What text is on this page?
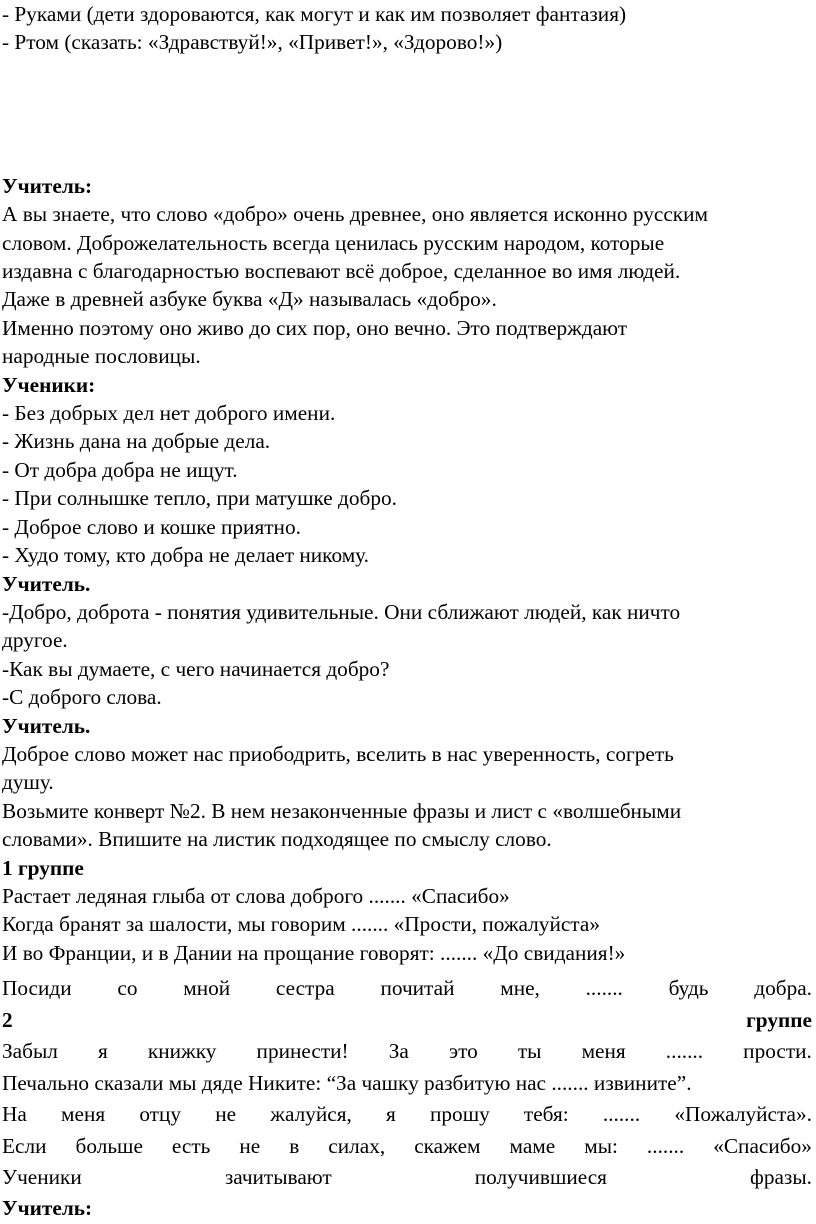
- Руками (дети здороваются, как могут и как им позволяет фантазия)
- Ртом (сказать: «Здравствуй!», «Привет!», «Здорово!»)
Учитель:
А вы знаете, что слово «добро» очень древнее, оно является исконно русским
словом. Доброжелательность всегда ценилась русским народом, которые
издавна с благодарностью воспевают всё доброе, сделанное во имя людей.
Даже в древней азбуке буква «Д» называлась «добро».
Именно поэтому оно живо до сих пор, оно вечно. Это подтверждают
народные пословицы.
Ученики:
- Без добрых дел нет доброго имени.
- Жизнь дана на добрые дела.
- От добра добра не ищут.
- При солнышке тепло, при матушке добро.
- Доброе слово и кошке приятно.
- Худо тому, кто добра не делает никому.
Учитель.
-Добро, доброта - понятия удивительные. Они сближают людей, как ничто
другое.
-Как вы думаете, с чего начинается добро?
-С доброго слова.
Учитель.
Доброе слово может нас приободрить, вселить в нас уверенность, согреть
душу.
Возьмите конверт №2. В нем незаконченные фразы и лист с «волшебными
словами». Впишите на листик подходящее по смыслу слово.
1 группе
Растает ледяная глыба от слова доброго ....... «Спасибо»
Когда бранят за шалости, мы говорим ....... «Прости, пожалуйста»
И во Франции, и в Дании на прощание говорят: ....... «До свидания!»
Посиди со мной сестра почитай мне, ....... будь добра.
2	группе
Забыл я книжку принести! За это ты меня ....... прости.
Печально сказали мы дяде Никите: “За чашку разбитую нас ....... извините”.
На меня отцу не жалуйся, я прошу тебя: ....... «Пожалуйста».
Если больше есть не в силах, скажем маме мы: ....... «Спасибо»
Ученики	зачитывают	получившиеся	фразы.
Учитель:
